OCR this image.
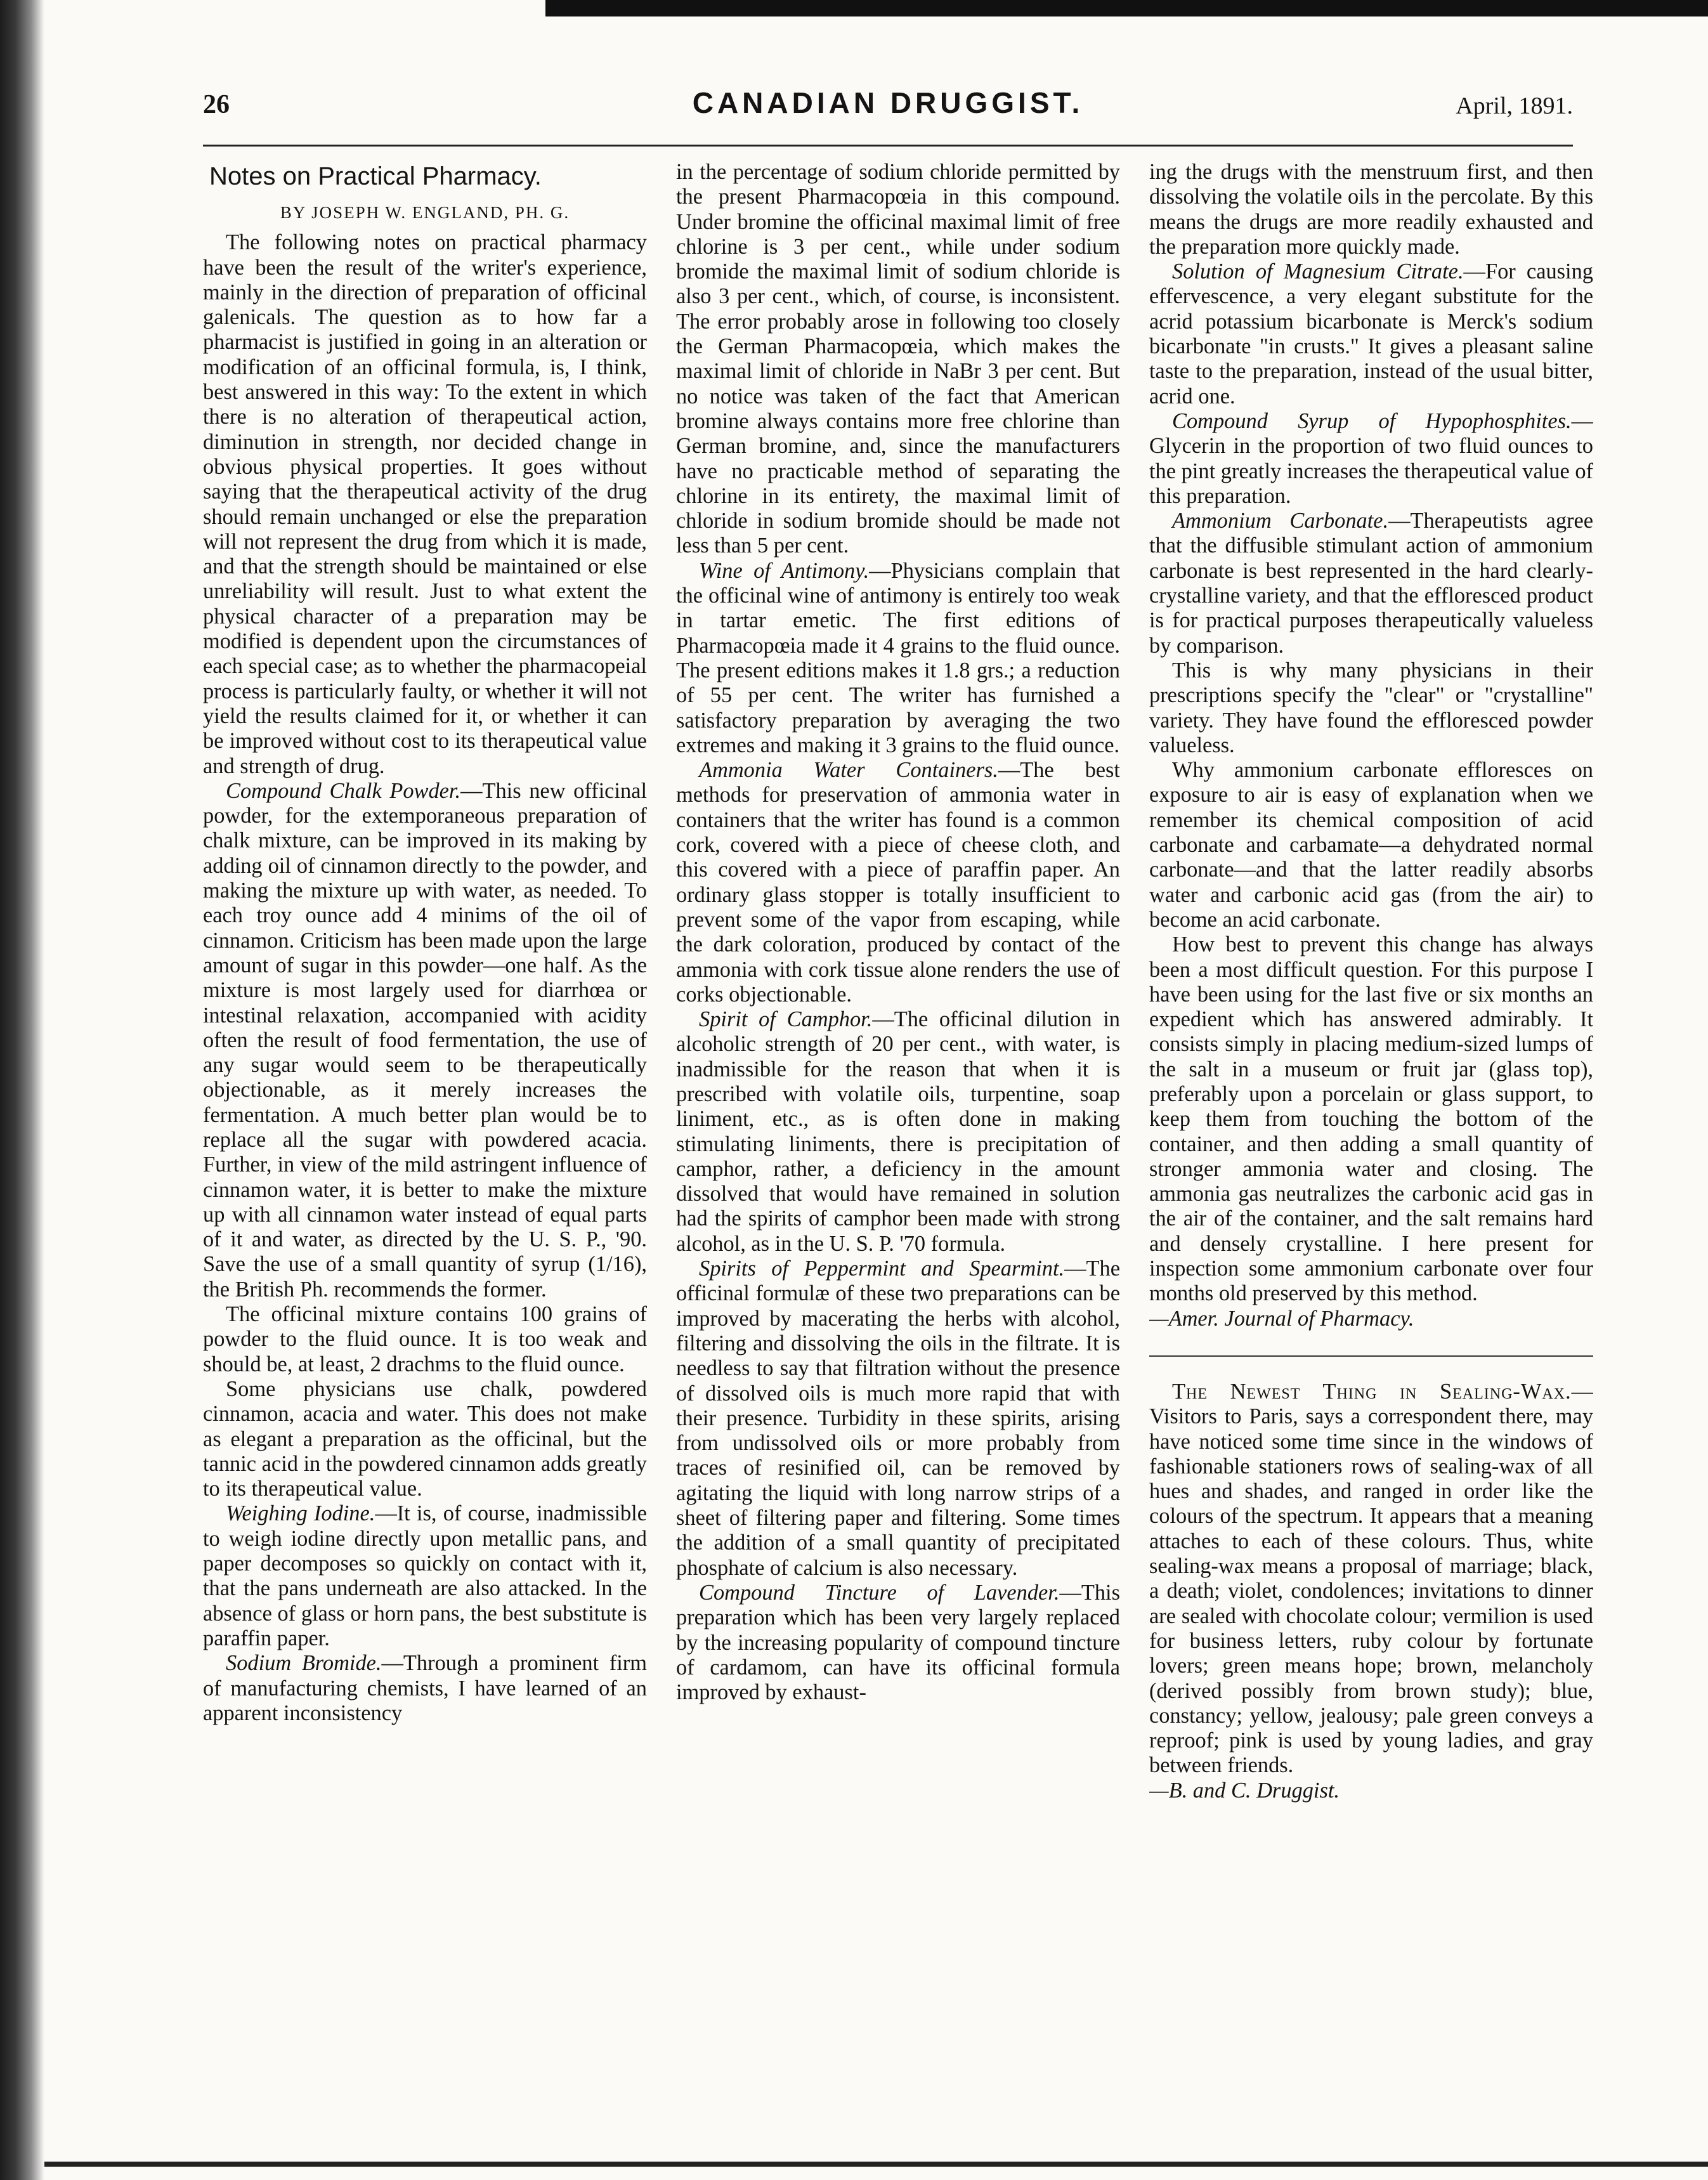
26	CANADIAN DRUGGIST.	April, 1891.
Notes on Practical Pharmacy.
BY JOSEPH W. ENGLAND, PH. G.

The following notes on practical pharmacy have been the result of the writer's experience, mainly in the direction of preparation of officinal galenicals. The question as to how far a pharmacist is justified in going in an alteration or modification of an officinal formula, is, I think, best answered in this way: To the extent in which there is no alteration of therapeutical action, diminution in strength, nor decided change in obvious physical properties. It goes without saying that the therapeutical activity of the drug should remain unchanged or else the preparation will not represent the drug from which it is made, and that the strength should be maintained or else unreliability will result. Just to what extent the physical character of a preparation may be modified is dependent upon the circumstances of each special case; as to whether the pharmacopeial process is particularly faulty, or whether it will not yield the results claimed for it, or whether it can be improved without cost to its therapeutical value and strength of drug.

Compound Chalk Powder.—This new officinal powder, for the extemporaneous preparation of chalk mixture, can be improved in its making by adding oil of cinnamon directly to the powder, and making the mixture up with water, as needed. To each troy ounce add 4 minims of the oil of cinnamon. Criticism has been made upon the large amount of sugar in this powder—one half. As the mixture is most largely used for diarrhœa or intestinal relaxation, accompanied with acidity often the result of food fermentation, the use of any sugar would seem to be therapeutically objectionable, as it merely increases the fermentation. A much better plan would be to replace all the sugar with powdered acacia. Further, in view of the mild astringent influence of cinnamon water, it is better to make the mixture up with all cinnamon water instead of equal parts of it and water, as directed by the U. S. P., '90. Save the use of a small quantity of syrup (1/16), the British Ph. recommends the former.

The officinal mixture contains 100 grains of powder to the fluid ounce. It is too weak and should be, at least, 2 drachms to the fluid ounce.

Some physicians use chalk, powdered cinnamon, acacia and water. This does not make as elegant a preparation as the officinal, but the tannic acid in the powdered cinnamon adds greatly to its therapeutical value.

Weighing Iodine.—It is, of course, inadmissible to weigh iodine directly upon metallic pans, and paper decomposes so quickly on contact with it, that the pans underneath are also attacked. In the absence of glass or horn pans, the best substitute is paraffin paper.

Sodium Bromide.—Through a prominent firm of manufacturing chemists, I have learned of an apparent inconsistency

in the percentage of sodium chloride permitted by the present Pharmacopœia in this compound. Under bromine the officinal maximal limit of free chlorine is 3 per cent., while under sodium bromide the maximal limit of sodium chloride is also 3 per cent., which, of course, is inconsistent. The error probably arose in following too closely the German Pharmacopœia, which makes the maximal limit of chloride in NaBr 3 per cent. But no notice was taken of the fact that American bromine always contains more free chlorine than German bromine, and, since the manufacturers have no practicable method of separating the chlorine in its entirety, the maximal limit of chloride in sodium bromide should be made not less than 5 per cent.

Wine of Antimony.—Physicians complain that the officinal wine of antimony is entirely too weak in tartar emetic. The first editions of Pharmacopœia made it 4 grains to the fluid ounce. The present editions makes it 1.8 grs.; a reduction of 55 per cent. The writer has furnished a satisfactory preparation by averaging the two extremes and making it 3 grains to the fluid ounce.

Ammonia Water Containers.—The best methods for preservation of ammonia water in containers that the writer has found is a common cork, covered with a piece of cheese cloth, and this covered with a piece of paraffin paper. An ordinary glass stopper is totally insufficient to prevent some of the vapor from escaping, while the dark coloration, produced by contact of the ammonia with cork tissue alone renders the use of corks objectionable.

Spirit of Camphor.—The officinal dilution in alcoholic strength of 20 per cent., with water, is inadmissible for the reason that when it is prescribed with volatile oils, turpentine, soap liniment, etc., as is often done in making stimulating liniments, there is precipitation of camphor, rather, a deficiency in the amount dissolved that would have remained in solution had the spirits of camphor been made with strong alcohol, as in the U. S. P. '70 formula.

Spirits of Peppermint and Spearmint.—The officinal formulæ of these two preparations can be improved by macerating the herbs with alcohol, filtering and dissolving the oils in the filtrate. It is needless to say that filtration without the presence of dissolved oils is much more rapid that with their presence. Turbidity in these spirits, arising from undissolved oils or more probably from traces of resinified oil, can be removed by agitating the liquid with long narrow strips of a sheet of filtering paper and filtering. Some times the addition of a small quantity of precipitated phosphate of calcium is also necessary.

Compound Tincture of Lavender.—This preparation which has been very largely replaced by the increasing popularity of compound tincture of cardamom, can have its officinal formula improved by exhaust-

ing the drugs with the menstruum first, and then dissolving the volatile oils in the percolate. By this means the drugs are more readily exhausted and the preparation more quickly made.

Solution of Magnesium Citrate.—For causing effervescence, a very elegant substitute for the acrid potassium bicarbonate is Merck's sodium bicarbonate "in crusts." It gives a pleasant saline taste to the preparation, instead of the usual bitter, acrid one.

Compound Syrup of Hypophosphites.—Glycerin in the proportion of two fluid ounces to the pint greatly increases the therapeutical value of this preparation.

Ammonium Carbonate.—Therapeutists agree that the diffusible stimulant action of ammonium carbonate is best represented in the hard clearly-crystalline variety, and that the effloresced product is for practical purposes therapeutically valueless by comparison.

This is why many physicians in their prescriptions specify the "clear" or "crystalline" variety. They have found the effloresced powder valueless.

Why ammonium carbonate effloresces on exposure to air is easy of explanation when we remember its chemical composition of acid carbonate and carbamate—a dehydrated normal carbonate—and that the latter readily absorbs water and carbonic acid gas (from the air) to become an acid carbonate.

How best to prevent this change has always been a most difficult question. For this purpose I have been using for the last five or six months an expedient which has answered admirably. It consists simply in placing medium-sized lumps of the salt in a museum or fruit jar (glass top), preferably upon a porcelain or glass support, to keep them from touching the bottom of the container, and then adding a small quantity of stronger ammonia water and closing. The ammonia gas neutralizes the carbonic acid gas in the air of the container, and the salt remains hard and densely crystalline. I here present for inspection some ammonium carbonate over four months old preserved by this method.

—Amer. Journal of Pharmacy.

The Newest Thing in Sealing-Wax.—Visitors to Paris, says a correspondent there, may have noticed some time since in the windows of fashionable stationers rows of sealing-wax of all hues and shades, and ranged in order like the colours of the spectrum. It appears that a meaning attaches to each of these colours. Thus, white sealing-wax means a proposal of marriage; black, a death; violet, condolences; invitations to dinner are sealed with chocolate colour; vermilion is used for business letters, ruby colour by fortunate lovers; green means hope; brown, melancholy (derived possibly from brown study); blue, constancy; yellow, jealousy; pale green conveys a reproof; pink is used by young ladies, and gray between friends.

—B. and C. Druggist.
